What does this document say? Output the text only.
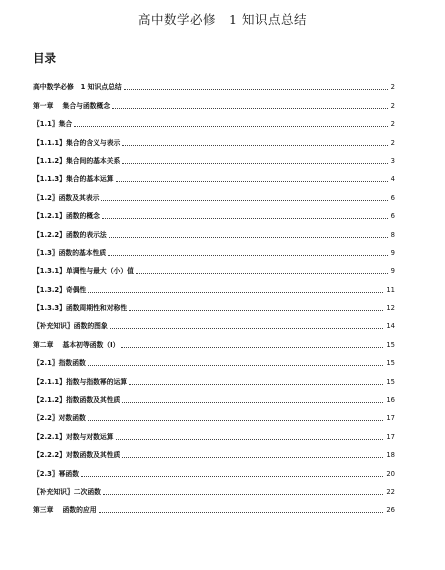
高中数学必修　1 知识点总结
目录
高中数学必修　1 知识点总结	2
第一章　 集合与函数概念	2
〖1.1〗集合	2
【1.1.1】集合的含义与表示	2
【1.1.2】集合间的基本关系	3
【1.1.3】集合的基本运算	4
〖1.2〗函数及其表示	6
【1.2.1】函数的概念	6
【1.2.2】函数的表示法	8
〖1.3〗函数的基本性质	9
【1.3.1】单调性与最大（小）值	9
【1.3.2】奇偶性	11
【1.3.3】函数周期性和对称性	12
〖补充知识〗函数的图象	14
第二章　 基本初等函数（Ⅰ）	15
〖2.1〗指数函数	15
【2.1.1】指数与指数幂的运算	15
【2.1.2】指数函数及其性质	16
〖2.2〗对数函数	17
【2.2.1】对数与对数运算	17
【2.2.2】对数函数及其性质	18
〖2.3〗幂函数	20
〖补充知识〗二次函数	22
第三章　 函数的应用	26
